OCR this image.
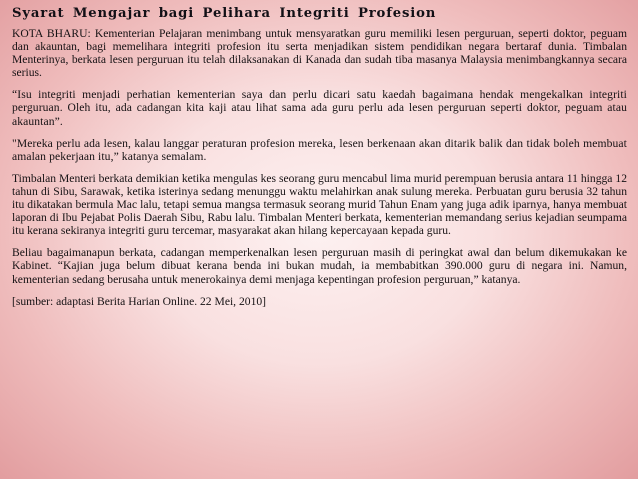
Syarat Mengajar bagi Pelihara Integriti Profesion

KOTA BHARU: Kementerian Pelajaran menimbang untuk mensyaratkan guru memiliki lesen perguruan, seperti doktor, peguam dan akauntan, bagi memelihara integriti profesion itu serta menjadikan sistem pendidikan negara bertaraf dunia. Timbalan Menterinya, berkata lesen perguruan itu telah dilaksanakan di Kanada dan sudah tiba masanya Malaysia menimbangkannya secara serius.

“Isu integriti menjadi perhatian kementerian saya dan perlu dicari satu kaedah bagaimana hendak mengekalkan integriti perguruan. Oleh itu, ada cadangan kita kaji atau lihat sama ada guru perlu ada lesen perguruan seperti doktor, peguam atau akauntan”.

"Mereka perlu ada lesen, kalau langgar peraturan profesion mereka, lesen berkenaan akan ditarik balik dan tidak boleh membuat amalan pekerjaan itu,” katanya semalam.

Timbalan Menteri berkata demikian ketika mengulas kes seorang guru mencabul lima murid perempuan berusia antara 11 hingga 12 tahun di Sibu, Sarawak, ketika isterinya sedang menunggu waktu melahirkan anak sulung mereka. Perbuatan guru berusia 32 tahun itu dikatakan bermula Mac lalu, tetapi semua mangsa termasuk seorang murid Tahun Enam yang juga adik iparnya, hanya membuat laporan di Ibu Pejabat Polis Daerah Sibu, Rabu lalu. Timbalan Menteri berkata, kementerian memandang serius kejadian seumpama itu kerana sekiranya integriti guru tercemar, masyarakat akan hilang kepercayaan kepada guru.

Beliau bagaimanapun berkata, cadangan memperkenalkan lesen perguruan masih di peringkat awal dan belum dikemukakan ke Kabinet. “Kajian juga belum dibuat kerana benda ini bukan mudah, ia membabitkan 390.000 guru di negara ini. Namun, kementerian sedang berusaha untuk menerokainya demi menjaga kepentingan profesion perguruan,” katanya.

[sumber: adaptasi Berita Harian Online. 22 Mei, 2010]
